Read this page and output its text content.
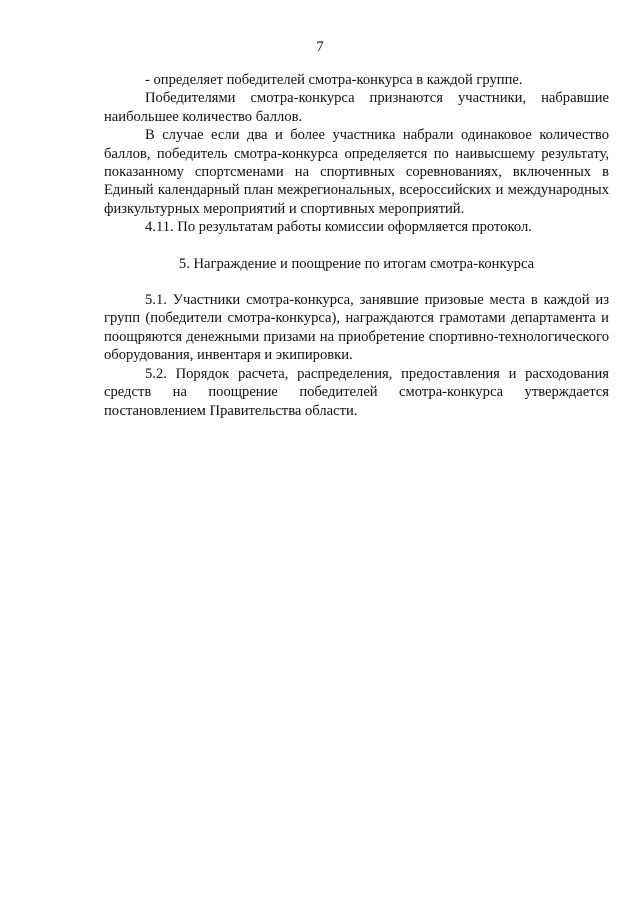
7

- определяет победителей смотра-конкурса в каждой группе.

Победителями смотра-конкурса признаются участники, набравшие наибольшее количество баллов.

В случае если два и более участника набрали одинаковое количество баллов, победитель смотра-конкурса определяется по наивысшему результату, показанному спортсменами на спортивных соревнованиях, включенных в Единый календарный план межрегиональных, всероссийских и международных физкультурных мероприятий и спортивных мероприятий.

4.11. По результатам работы комиссии оформляется протокол.

5. Награждение и поощрение по итогам смотра-конкурса

5.1. Участники смотра-конкурса, занявшие призовые места в каждой из групп (победители смотра-конкурса), награждаются грамотами департамента и поощряются денежными призами на приобретение спортивно-технологического оборудования, инвентаря и экипировки.

5.2. Порядок расчета, распределения, предоставления и расходования средств на поощрение победителей смотра-конкурса утверждается постановлением Правительства области.
